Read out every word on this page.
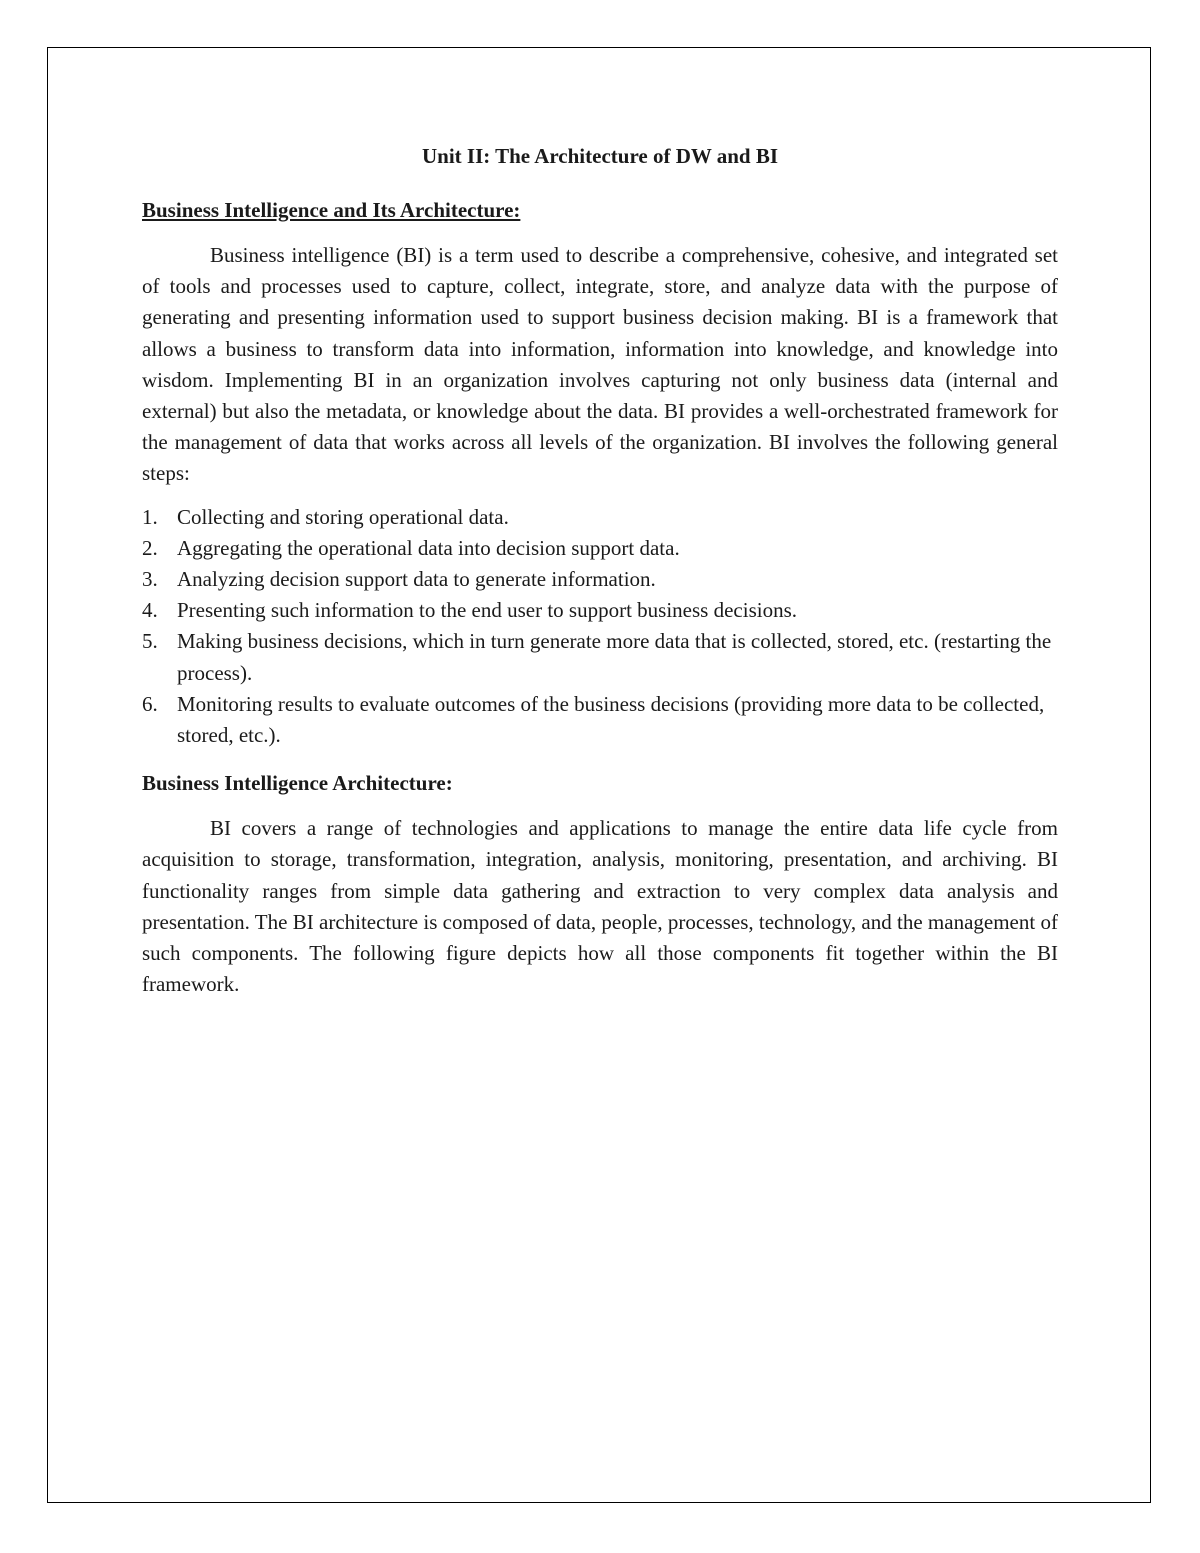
Unit II: The Architecture of DW and BI
Business Intelligence and Its Architecture:

Business intelligence (BI) is a term used to describe a comprehensive, cohesive, and integrated set of tools and processes used to capture, collect, integrate, store, and analyze data with the purpose of generating and presenting information used to support business decision making. BI is a framework that allows a business to transform data into information, information into knowledge, and knowledge into wisdom. Implementing BI in an organization involves capturing not only business data (internal and external) but also the metadata, or knowledge about the data. BI provides a well-orchestrated framework for the management of data that works across all levels of the organization. BI involves the following general steps:

1. Collecting and storing operational data.
2. Aggregating the operational data into decision support data.
3. Analyzing decision support data to generate information.
4. Presenting such information to the end user to support business decisions.
5. Making business decisions, which in turn generate more data that is collected, stored, etc. (restarting the process).
6. Monitoring results to evaluate outcomes of the business decisions (providing more data to be collected, stored, etc.).
Business Intelligence Architecture:

BI covers a range of technologies and applications to manage the entire data life cycle from acquisition to storage, transformation, integration, analysis, monitoring, presentation, and archiving. BI functionality ranges from simple data gathering and extraction to very complex data analysis and presentation. The BI architecture is composed of data, people, processes, technology, and the management of such components. The following figure depicts how all those components fit together within the BI framework.
